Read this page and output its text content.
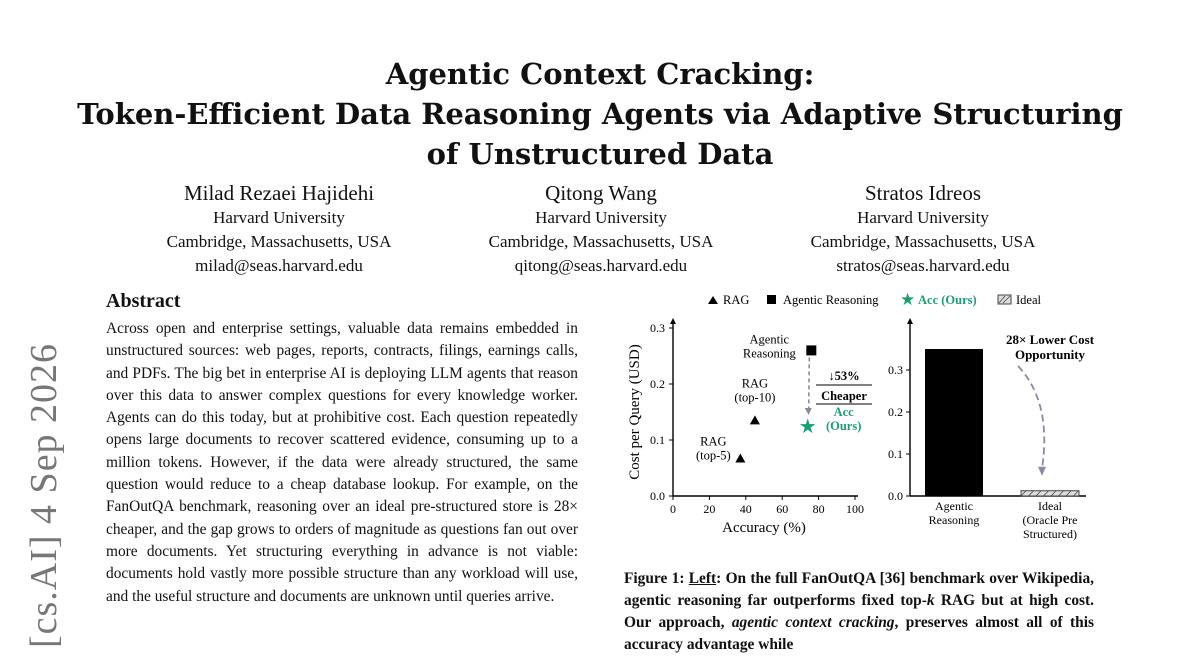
[cs.AI] 4 Sep 2026
Agentic Context Cracking:
Token-Efficient Data Reasoning Agents via Adaptive Structuring
of Unstructured Data
Milad Rezaei Hajidehi
Harvard University
Cambridge, Massachusetts, USA
milad@seas.harvard.edu
Qitong Wang
Harvard University
Cambridge, Massachusetts, USA
qitong@seas.harvard.edu
Stratos Idreos
Harvard University
Cambridge, Massachusetts, USA
stratos@seas.harvard.edu
Abstract
Across open and enterprise settings, valuable data remains embedded in unstructured sources: web pages, reports, contracts, filings, earnings calls, and PDFs. The big bet in enterprise AI is deploying LLM agents that reason over this data to answer complex questions for every knowledge worker. Agents can do this today, but at prohibitive cost. Each question repeatedly opens large documents to recover scattered evidence, consuming up to a million tokens. However, if the data were already structured, the same question would reduce to a cheap database lookup. For example, on the FanOutQA benchmark, reasoning over an ideal pre-structured store is 28× cheaper, and the gap grows to orders of magnitude as questions fan out over more documents. Yet structuring everything in advance is not viable: documents hold vastly more possible structure than any workload will use, and the useful structure and documents are unknown until queries arrive.
RAG	Agentic Reasoning ★ Acc (Ours)	Ideal
0 20 40 60 80 100
0.0
0.1
0.2
0.3
Accuracy (%)
Cost per Query (USD)	RAG
(top-5)
RAG
(top-10)
Agentic
Reasoning
★
Acc
(Ours)
↓53%
Cheaper
0.0
0.1
0.2
0.3
Agentic
Reasoning
Ideal
(Oracle Pre
Structured)
28× Lower Cost
Opportunity
Figure 1: Left: On the full FanOutQA [36] benchmark over Wikipedia, agentic reasoning far outperforms fixed top-k RAG but at high cost. Our approach, agentic context cracking, preserves almost all of this accuracy advantage while
